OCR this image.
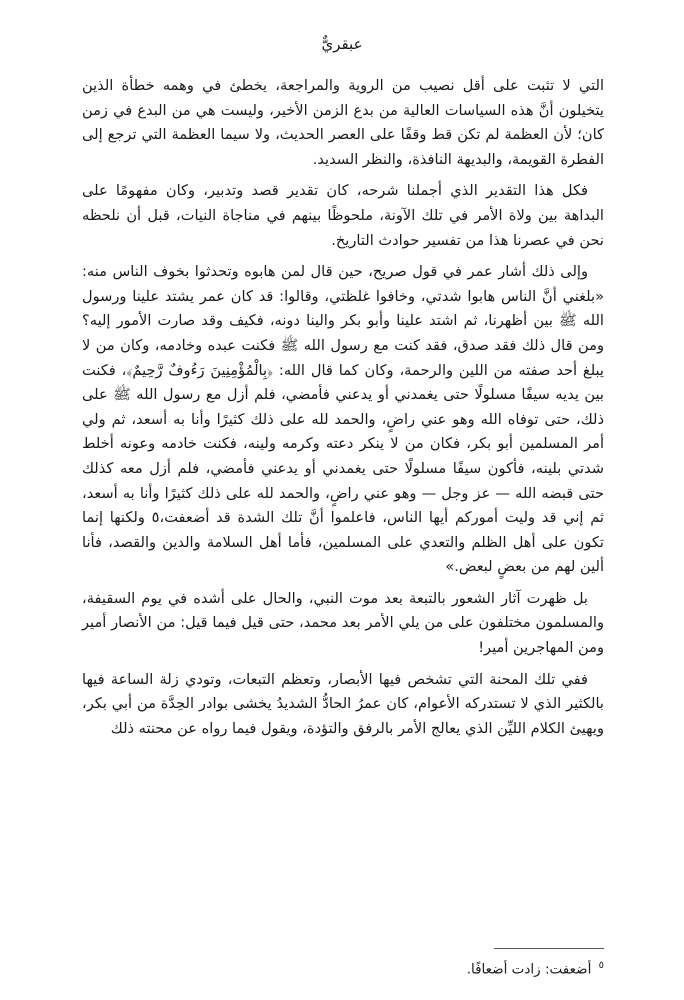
عبقريٌّ

التي لا تثبت على أقل نصيب من الروية والمراجعة، يخطئ في وهمه خطأة الذين يتخيلون أنَّ هذه السياسات العالية من بدع الزمن الأخير، وليست هي من البدع في زمن كان؛ لأن العظمة لم تكن قط وقفًا على العصر الحديث، ولا سيما العظمة التي ترجع إلى الفطرة القويمة، والبديهة النافذة، والنظر السديد.

فكل هذا التقدير الذي أجملنا شرحه، كان تقدير قصد وتدبير، وكان مفهومًا على البداهة بين ولاة الأمر في تلك الآونة، ملحوظًا بينهم في مناجاة النيات، قبل أن نلحظه نحن في عصرنا هذا من تفسير حوادث التاريخ.

وإلى ذلك أشار عمر في قول صريح، حين قال لمن هابوه وتحدثوا بخوف الناس منه: «بلغني أنَّ الناس هابوا شدتي، وخافوا غلظتي، وقالوا: قد كان عمر يشتد علينا ورسول الله ﷺ بين أظهرنا، ثم اشتد علينا وأبو بكر والينا دونه، فكيف وقد صارت الأمور إليه؟ ومن قال ذلك فقد صدق، فقد كنت مع رسول الله ﷺ فكنت عبده وخادمه، وكان من لا يبلغ أحد صفته من اللين والرحمة، وكان كما قال الله: ﴿بِالْمُؤْمِنِينَ رَءُوفٌ رَّحِيمٌ﴾، فكنت بين يديه سيفًا مسلولًا حتى يغمدني أو يدعني فأمضي، فلم أزل مع رسول الله ﷺ على ذلك، حتى توفاه الله وهو عني راضٍ، والحمد لله على ذلك كثيرًا وأنا به أسعد، ثم ولي أمر المسلمين أبو بكر، فكان من لا ينكر دعته وكرمه ولينه، فكنت خادمه وعونه أخلط شدتي بلينه، فأكون سيفًا مسلولًا حتى يغمدني أو يدعني فأمضي، فلم أزل معه كذلك حتى قبضه الله — عز وجل — وهو عني راضٍ، والحمد لله على ذلك كثيرًا وأنا به أسعد، ثم إني قد وليت أموركم أيها الناس، فاعلموا أنَّ تلك الشدة قد أضعفت،٥ ولكنها إنما تكون على أهل الظلم والتعدي على المسلمين، فأما أهل السلامة والدين والقصد، فأنا ألين لهم من بعضٍ لبعض.»

بل ظهرت آثار الشعور بالتبعة بعد موت النبي، والحال على أشده في يوم السقيفة، والمسلمون مختلفون على من يلي الأمر بعد محمد، حتى قيل فيما قيل: من الأنصار أمير ومن المهاجرين أمير!

ففي تلك المحنة التي تشخص فيها الأبصار، وتعظم التبعات، وتودي زلة الساعة فيها بالكثير الذي لا تستدركه الأعوام، كان عمرُ الحادُّ الشديدُ يخشى بوادر الحِدَّة من أبي بكر، ويهيئ الكلام الليِّن الذي يعالج الأمر بالرفق والتؤدة، ويقول فيما رواه عن محنته ذلك

$^٥$ أضعفت: زادت أضعافًا.
